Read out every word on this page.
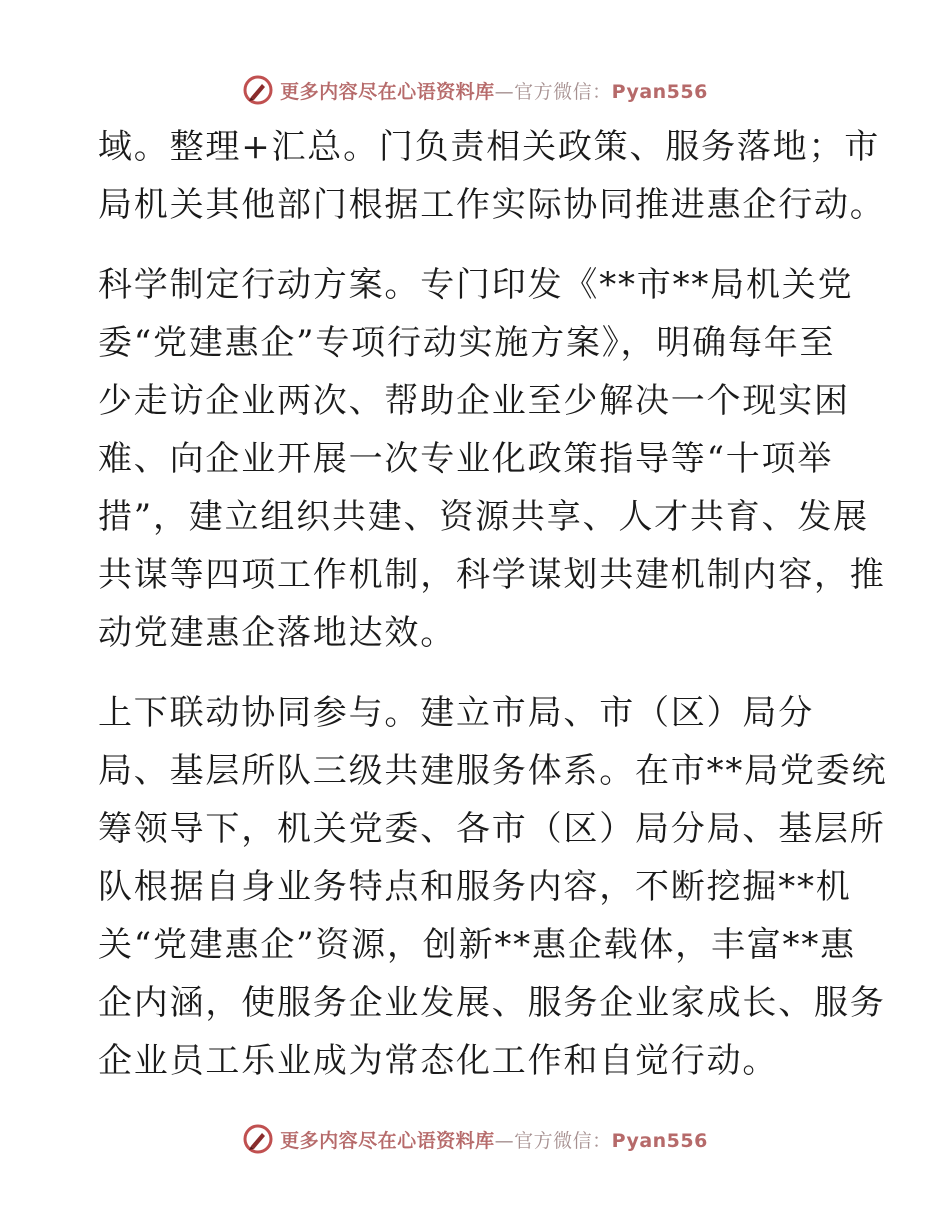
更多内容尽在心语资料库—官方微信：Pyan556
域。整理+汇总。门负责相关政策、服务落地；市
局机关其他部门根据工作实际协同推进惠企行动。
科学制定行动方案。专门印发《**市**局机关党
委“党建惠企”专项行动实施方案》，明确每年至
少走访企业两次、帮助企业至少解决一个现实困
难、向企业开展一次专业化政策指导等“十项举
措”，建立组织共建、资源共享、人才共育、发展
共谋等四项工作机制，科学谋划共建机制内容，推
动党建惠企落地达效。
上下联动协同参与。建立市局、市（区）局分
局、基层所队三级共建服务体系。在市**局党委统
筹领导下，机关党委、各市（区）局分局、基层所
队根据自身业务特点和服务内容，不断挖掘**机
关“党建惠企”资源，创新**惠企载体，丰富**惠
企内涵，使服务企业发展、服务企业家成长、服务
企业员工乐业成为常态化工作和自觉行动。
更多内容尽在心语资料库—官方微信：Pyan556
